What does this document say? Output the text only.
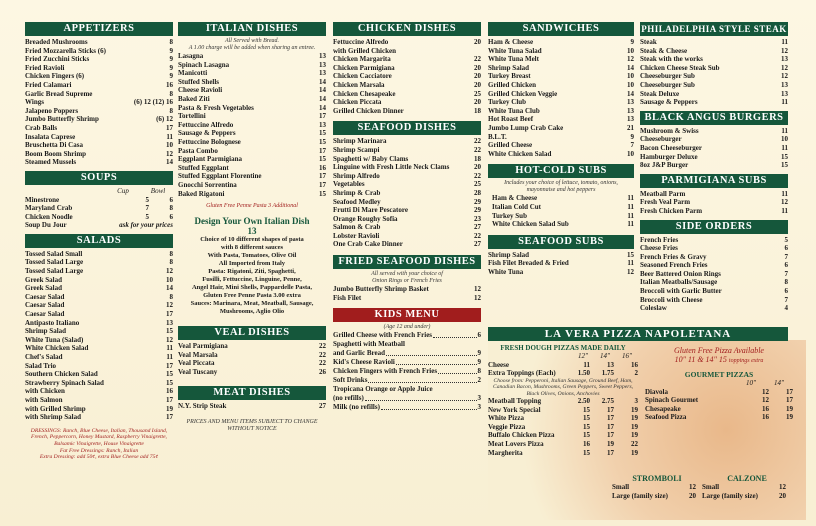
APPETIZERS
Breaded Mushrooms	8
Fried Mozzarella Sticks (6)	9
Fried Zucchini Sticks	9
Fried Ravioli	9
Chicken Fingers (6)	9
Fried Calamari	16
Garlic Bread Supreme	8
Wings	(6) 12 (12) 16
Jalapeno Poppers	8
Jumbo Butterfly Shrimp	(6) 12
Crab Balls	17
Insalata Caprese	11
Bruschetta Di Casa	10
Boom Boom Shrimp	12
Steamed Mussels	14
SOUPS
Cup	Bowl
Minestrone	5	6
Maryland Crab	7	8
Chicken Noodle	5	6
Soup Du Jour	ask for your prices
SALADS
Tossed Salad Small	8
Tossed Salad Large	8
Tossed Salad Large	12
Greek Salad	10
Greek Salad	14
Caesar Salad	8
Caesar Salad	12
Caesar Salad	17
Antipasto Italiano	13
Shrimp Salad	15
White Tuna (Salad)	12
White Chicken Salad	11
Chef's Salad	11
Salad Trio	17
Southern Chicken Salad	15
Strawberry Spinach Salad	15
with Chicken	16
with Salmon	17
with Grilled Shrimp	19
with Shrimp Salad	17
DRESSINGS: Ranch, Blue Cheese, Italian, Thousand Island, French, Peppercorn, Honey Mustard, Raspberry Vinaigrette, Balsamic Vinaigrette, House Vinaigrette
Fat Free Dressings: Ranch, Italian
Extra Dressing: add 50¢, extra Blue Cheese add 75¢
ITALIAN DISHES
All Served with Bread.
A 1.00 charge will be added when sharing an entree.
Lasagna	13
Spinach Lasagna	13
Manicotti	13
Stuffed Shells	14
Cheese Ravioli	14
Baked Ziti	14
Pasta & Fresh Vegetables	14
Tortellini	17
Fettuccine Alfredo	13
Sausage & Peppers	15
Fettuccine Bolognese	15
Pasta Combo	17
Eggplant Parmigiana	15
Stuffed Eggplant	16
Stuffed Eggplant Florentine	17
Gnocchi Sorrentina	17
Baked Rigatoni	15
Gluten Free Penne Pasta 3 Additional
Design Your Own Italian Dish
13
Choice of 10 different shapes of pasta
with 8 different sauces
With Pasta, Tomatoes, Olive Oil
All Imported from Italy
Pasta: Rigatoni, Ziti, Spaghetti,
Fusilli, Fettuccine, Linguine, Penne,
Angel Hair, Mini Shells, Pappardelle Pasta,
Gluten Free Penne Pasta 3.00 extra
Sauces: Marinara, Meat, Meatball, Sausage,
Mushrooms, Aglio Olio
VEAL DISHES
Veal Parmigiana	22
Veal Marsala	22
Veal Piccata	22
Veal Tuscany	26
MEAT DISHES
N.Y. Strip Steak	27
PRICES AND MENU ITEMS SUBJECT TO CHANGE WITHOUT NOTICE
CHICKEN DISHES
Fettuccine Alfredo	20
with Grilled Chicken
Chicken Margarita	22
Chicken Parmigiana	20
Chicken Cacciatore	20
Chicken Marsala	20
Chicken Chesapeake	25
Chicken Piccata	20
Grilled Chicken Dinner	18
SEAFOOD DISHES
Shrimp Marinara	22
Shrimp Scampi	22
Spaghetti w/ Baby Clams	18
Linguine with Fresh Little Neck Clams	20
Shrimp Alfredo	22
Vegetables	25
Shrimp & Crab	28
Seafood Medley	29
Frutti Di Mare Pescatore	29
Orange Roughy Sofia	23
Salmon & Crab	27
Lobster Ravioli	22
One Crab Cake Dinner	27
FRIED SEAFOOD DISHES
All served with your choice of
Onion Rings or French Fries
Jumbo Butterfly Shrimp Basket	12
Fish Filet	12
KIDS MENU
(Age 12 and under)
Grilled Cheese with French Fries	6
Spaghetti with Meatball
and Garlic Bread	9
Kid's Cheese Ravioli	9
Chicken Fingers with French Fries	8
Soft Drinks	2
Tropicana Orange or Apple Juice
(no refills)	3
Milk (no refills)	3
SANDWICHES
Ham & Cheese	9
White Tuna Salad	10
White Tuna Melt	12
Shrimp Salad	14
Turkey Breast	10
Grilled Chicken	10
Grilled Chicken Veggie	14
Turkey Club	13
White Tuna Club	13
Hot Roast Beef	13
Jumbo Lump Crab Cake	21
B.L.T.	9
Grilled Cheese	7
White Chicken Salad	10
HOT-COLD SUBS
Includes your choice of lettuce, tomato, onions,
mayonnaise and hot peppers
Ham & Cheese	11
Italian Cold Cut	11
Turkey Sub	11
White Chicken Salad Sub	11
SEAFOOD SUBS
Shrimp Salad	15
Fish Filet Breaded & Fried	11
White Tuna	12
PHILADELPHIA STYLE STEAK
Steak	11
Steak & Cheese	12
Steak with the works	13
Chicken Cheese Steak Sub	12
Cheeseburger Sub	12
Cheeseburger Sub	13
Steak Deluxe	13
Sausage & Peppers	11
BLACK ANGUS BURGERS
Mushroom & Swiss	11
Cheeseburger	10
Bacon Cheeseburger	11
Hamburger Deluxe	15
8oz J&P Burger	15
PARMIGIANA SUBS
Meatball Parm	11
Fresh Veal Parm	12
Fresh Chicken Parm	11
SIDE ORDERS
French Fries	5
Cheese Fries	6
French Fries & Gravy	7
Seasoned French Fries	6
Beer Battered Onion Rings	7
Italian Meatballs/Sausage	8
Broccoli with Garlic Butter	6
Broccoli with Cheese	7
Coleslaw	4
LA VERA PIZZA NAPOLETANA
FRESH DOUGH PIZZAS MADE DAILY
12"	14"	16"
Cheese	11	13	16
Extra Toppings (Each)	1.50	1.75	2
Choose from: Pepperoni, Italian Sausage, Ground Beef, Ham, Canadian Bacon, Mushrooms, Green Peppers, Sweet Peppers, Black Olives, Onions, Anchovies
Meatball Topping	2.50	2.75	3
New York Special	15	17	19
White Pizza	15	17	19
Veggie Pizza	15	17	19
Buffalo Chicken Pizza	15	17	19
Meat Lovers Pizza	16	19	22
Margherita	15	17	19
Gluten Free Pizza Available
10" 11 & 14" 15 toppings extra
GOURMET PIZZAS
10"	14"
Diavola	12	17
Spinach Gourmet	12	17
Chesapeake	16	19
Seafood Pizza	16	19
STROMBOLI	CALZONE
Small	12 Small	12
Large (family size)	20 Large (family size)	20
